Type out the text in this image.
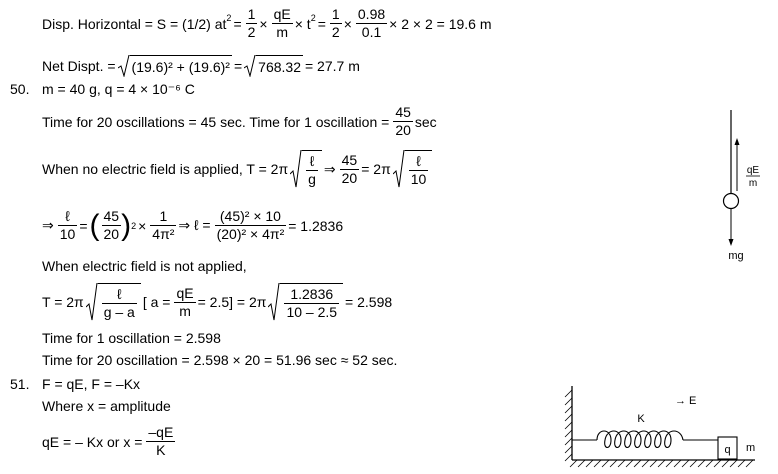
Disp. Horizontal = S = (1/2) $at^2 = \frac{1}{2} \times \frac{qE}{m} \times t^2 = \frac{1}{2} \times \frac{0.98}{0.1} \times 2 \times 2 = 19.6$ m
Net Dispt. = (19.6)² + (19.6)² = 768.32 = 27.7 m
50. m = 40 g, q = 4 × 10⁻⁶ C
Time for 20 oscillations = 45 sec. Time for 1 oscillation = $\frac{45}{20}$ sec
When no electric field is applied, $T = 2\pi \frac{\text{ℓ}}{g}$ ⇒ $\frac{45}{20} = 2\pi \frac{\text{ℓ}}{10}$
⇒ $\frac{\text{ℓ}}{10}$ = ( $\frac{45}{20}$ ) $2 \times \frac{1}{\text{4π²}}$ ⇒ ℓ = $\frac{\text{(45)² × 10}}{\text{(20)² × 4π²}} = 1.2836$
When electric field is not applied,
$T = 2\pi \frac{\text{ℓ}}{g - a}$ [ $a = \frac{qE}{m} = 2.5] = 2\pi \frac{1.2836}{10 - 2.5} = 2.598$
Time for 1 oscillation = 2.598
Time for 20 oscillation = 2.598 × 20 = 51.96 sec ≈ 52 sec.
51. F = qE, F = –Kx
Where x = amplitude
qE = – Kx or $x = \frac{-qE}{K}$
qE
m
mg
q m
K
→ E
